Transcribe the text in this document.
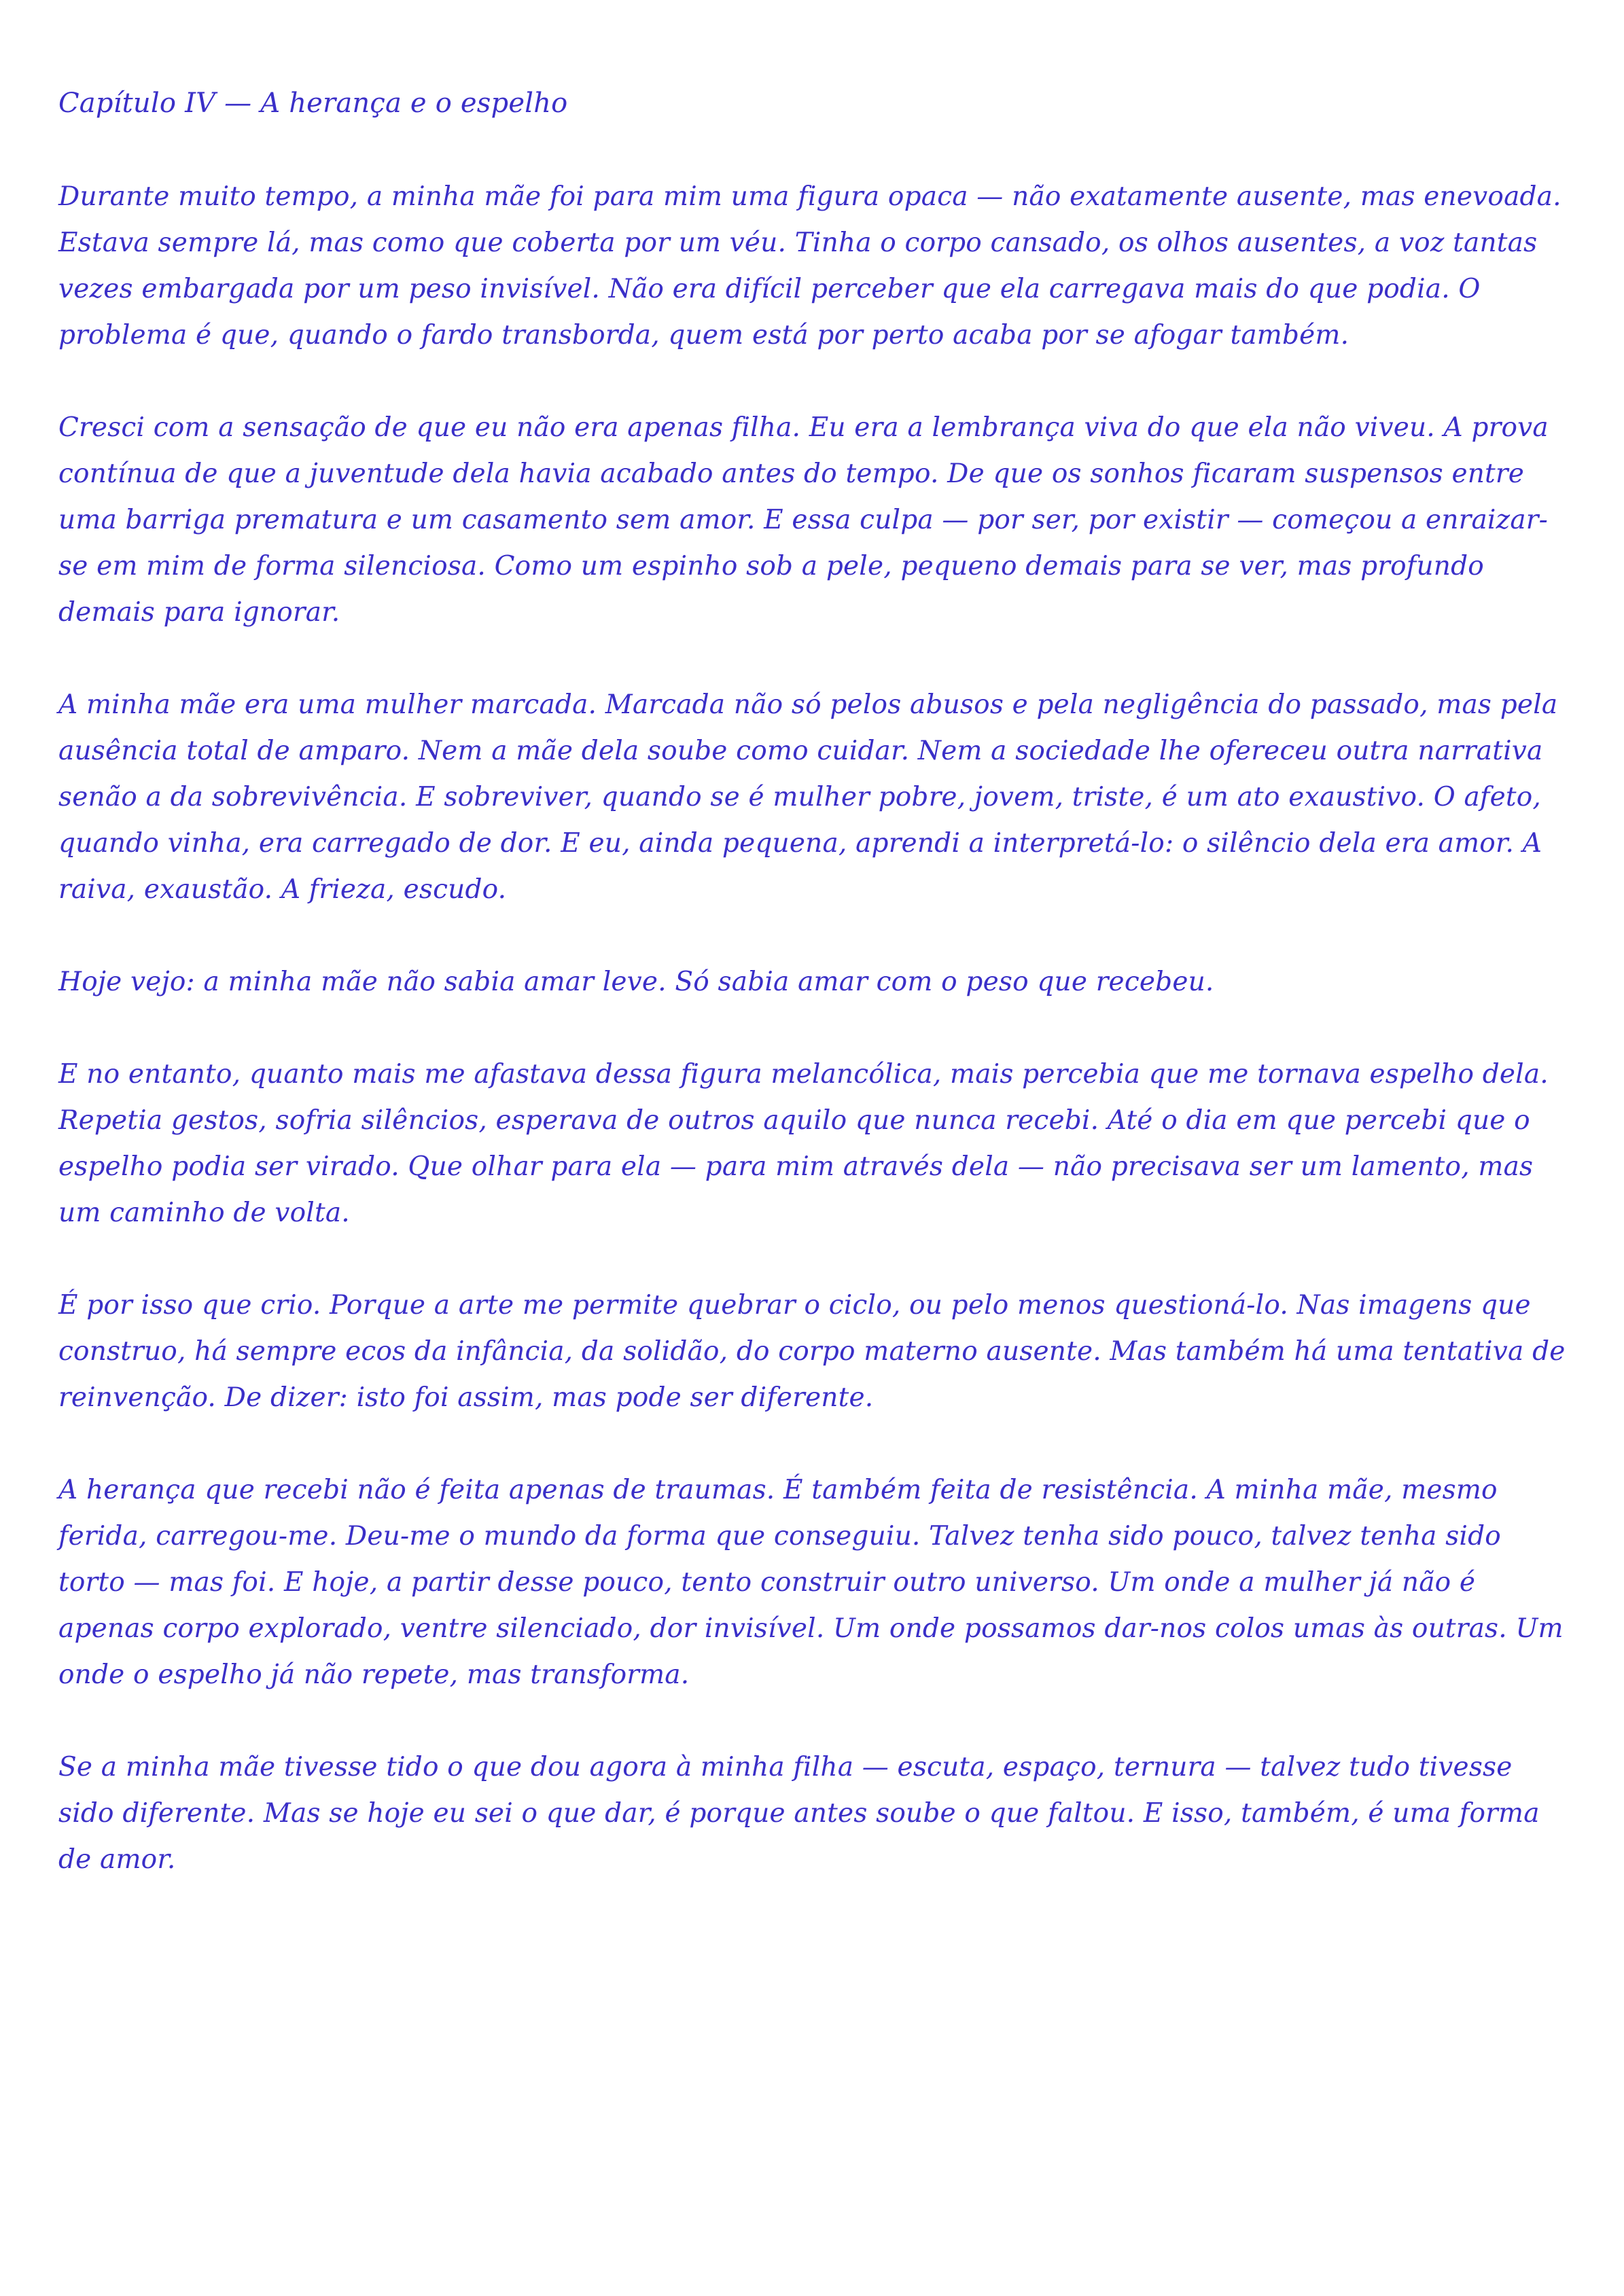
Capítulo IV — A herança e o espelho

Durante muito tempo, a minha mãe foi para mim uma figura opaca — não exatamente ausente, mas enevoada. Estava sempre lá, mas como que coberta por um véu. Tinha o corpo cansado, os olhos ausentes, a voz tantas vezes embargada por um peso invisível. Não era difícil perceber que ela carregava mais do que podia. O problema é que, quando o fardo transborda, quem está por perto acaba por se afogar também.

Cresci com a sensação de que eu não era apenas filha. Eu era a lembrança viva do que ela não viveu. A prova contínua de que a juventude dela havia acabado antes do tempo. De que os sonhos ficaram suspensos entre uma barriga prematura e um casamento sem amor. E essa culpa — por ser, por existir — começou a enraizar-se em mim de forma silenciosa. Como um espinho sob a pele, pequeno demais para se ver, mas profundo demais para ignorar.

A minha mãe era uma mulher marcada. Marcada não só pelos abusos e pela negligência do passado, mas pela ausência total de amparo. Nem a mãe dela soube como cuidar. Nem a sociedade lhe ofereceu outra narrativa senão a da sobrevivência. E sobreviver, quando se é mulher pobre, jovem, triste, é um ato exaustivo. O afeto, quando vinha, era carregado de dor. E eu, ainda pequena, aprendi a interpretá-lo: o silêncio dela era amor. A raiva, exaustão. A frieza, escudo.

Hoje vejo: a minha mãe não sabia amar leve. Só sabia amar com o peso que recebeu.

E no entanto, quanto mais me afastava dessa figura melancólica, mais percebia que me tornava espelho dela. Repetia gestos, sofria silêncios, esperava de outros aquilo que nunca recebi. Até o dia em que percebi que o espelho podia ser virado. Que olhar para ela — para mim através dela — não precisava ser um lamento, mas um caminho de volta.

É por isso que crio. Porque a arte me permite quebrar o ciclo, ou pelo menos questioná-lo. Nas imagens que construo, há sempre ecos da infância, da solidão, do corpo materno ausente. Mas também há uma tentativa de reinvenção. De dizer: isto foi assim, mas pode ser diferente.

A herança que recebi não é feita apenas de traumas. É também feita de resistência. A minha mãe, mesmo ferida, carregou-me. Deu-me o mundo da forma que conseguiu. Talvez tenha sido pouco, talvez tenha sido torto — mas foi. E hoje, a partir desse pouco, tento construir outro universo. Um onde a mulher já não é apenas corpo explorado, ventre silenciado, dor invisível. Um onde possamos dar-nos colos umas às outras. Um onde o espelho já não repete, mas transforma.

Se a minha mãe tivesse tido o que dou agora à minha filha — escuta, espaço, ternura — talvez tudo tivesse sido diferente. Mas se hoje eu sei o que dar, é porque antes soube o que faltou. E isso, também, é uma forma de amor.
